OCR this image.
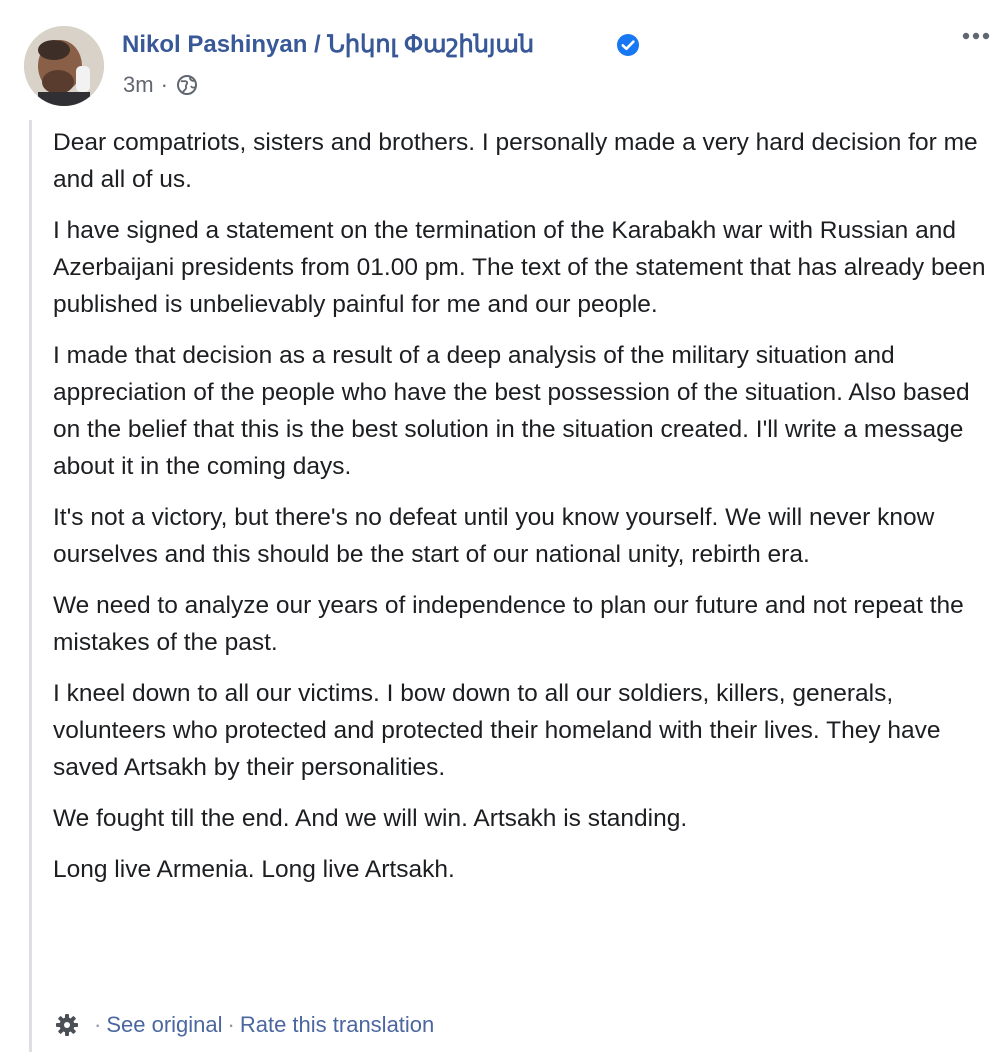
Nikol Pashinyan / Նիկոլ Փաշինյան
3m ·

Dear compatriots, sisters and brothers. I personally made a very hard decision for me and all of us.

I have signed a statement on the termination of the Karabakh war with Russian and Azerbaijani presidents from 01.00 pm. The text of the statement that has already been published is unbelievably painful for me and our people.

I made that decision as a result of a deep analysis of the military situation and appreciation of the people who have the best possession of the situation. Also based on the belief that this is the best solution in the situation created. I'll write a message about it in the coming days.

It's not a victory, but there's no defeat until you know yourself. We will never know ourselves and this should be the start of our national unity, rebirth era.

We need to analyze our years of independence to plan our future and not repeat the mistakes of the past.

I kneel down to all our victims. I bow down to all our soldiers, killers, generals, volunteers who protected and protected their homeland with their lives. They have saved Artsakh by their personalities.

We fought till the end. And we will win. Artsakh is standing.

Long live Armenia. Long live Artsakh.

· See original · Rate this translation
